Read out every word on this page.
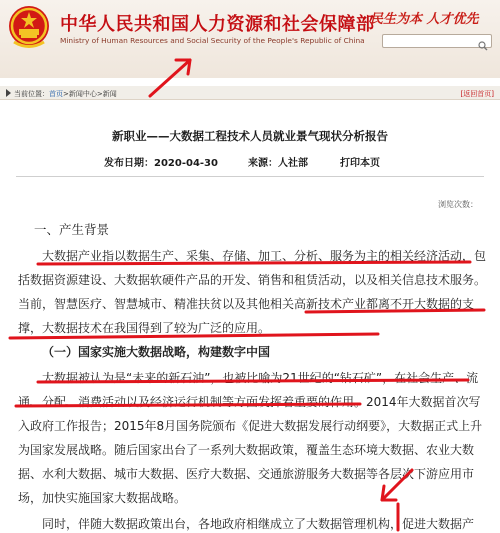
中华人民共和国人力资源和社会保障部
Ministry of Human Resources and Social Security of the People's Republic of China
民生为本 人才优先
当前位置：首页>新闻中心>新闻	[返回首页]
新职业——大数据工程技术人员就业景气现状分析报告
发布日期：2020-04-30	来源：人社部	打印本页
浏览次数：
一、产生背景
大数据产业指以数据生产、采集、存储、加工、分析、服务为主的相关经济活动，包括数据资源建设、大数据软硬件产品的开发、销售和租赁活动，以及相关信息技术服务。当前，智慧医疗、智慧城市、精准扶贫以及其他相关高新技术产业都离不开大数据的支撑，大数据技术在我国得到了较为广泛的应用。
（一）国家实施大数据战略，构建数字中国
大数据被认为是“未来的新石油”，也被比喻为21世纪的“钻石矿”，在社会生产、流通、分配、消费活动以及经济运行机制等方面发挥着重要的作用。2014年大数据首次写入政府工作报告；2015年8月国务院颁布《促进大数据发展行动纲要》，大数据正式上升为国家发展战略。随后国家出台了一系列大数据政策，覆盖生态环境大数据、农业大数据、水利大数据、城市大数据、医疗大数据、交通旅游服务大数据等各层次下游应用市场，加快实施国家大数据战略。
同时，伴随大数据政策出台，各地政府相继成立了大数据管理机构，促进大数据产
